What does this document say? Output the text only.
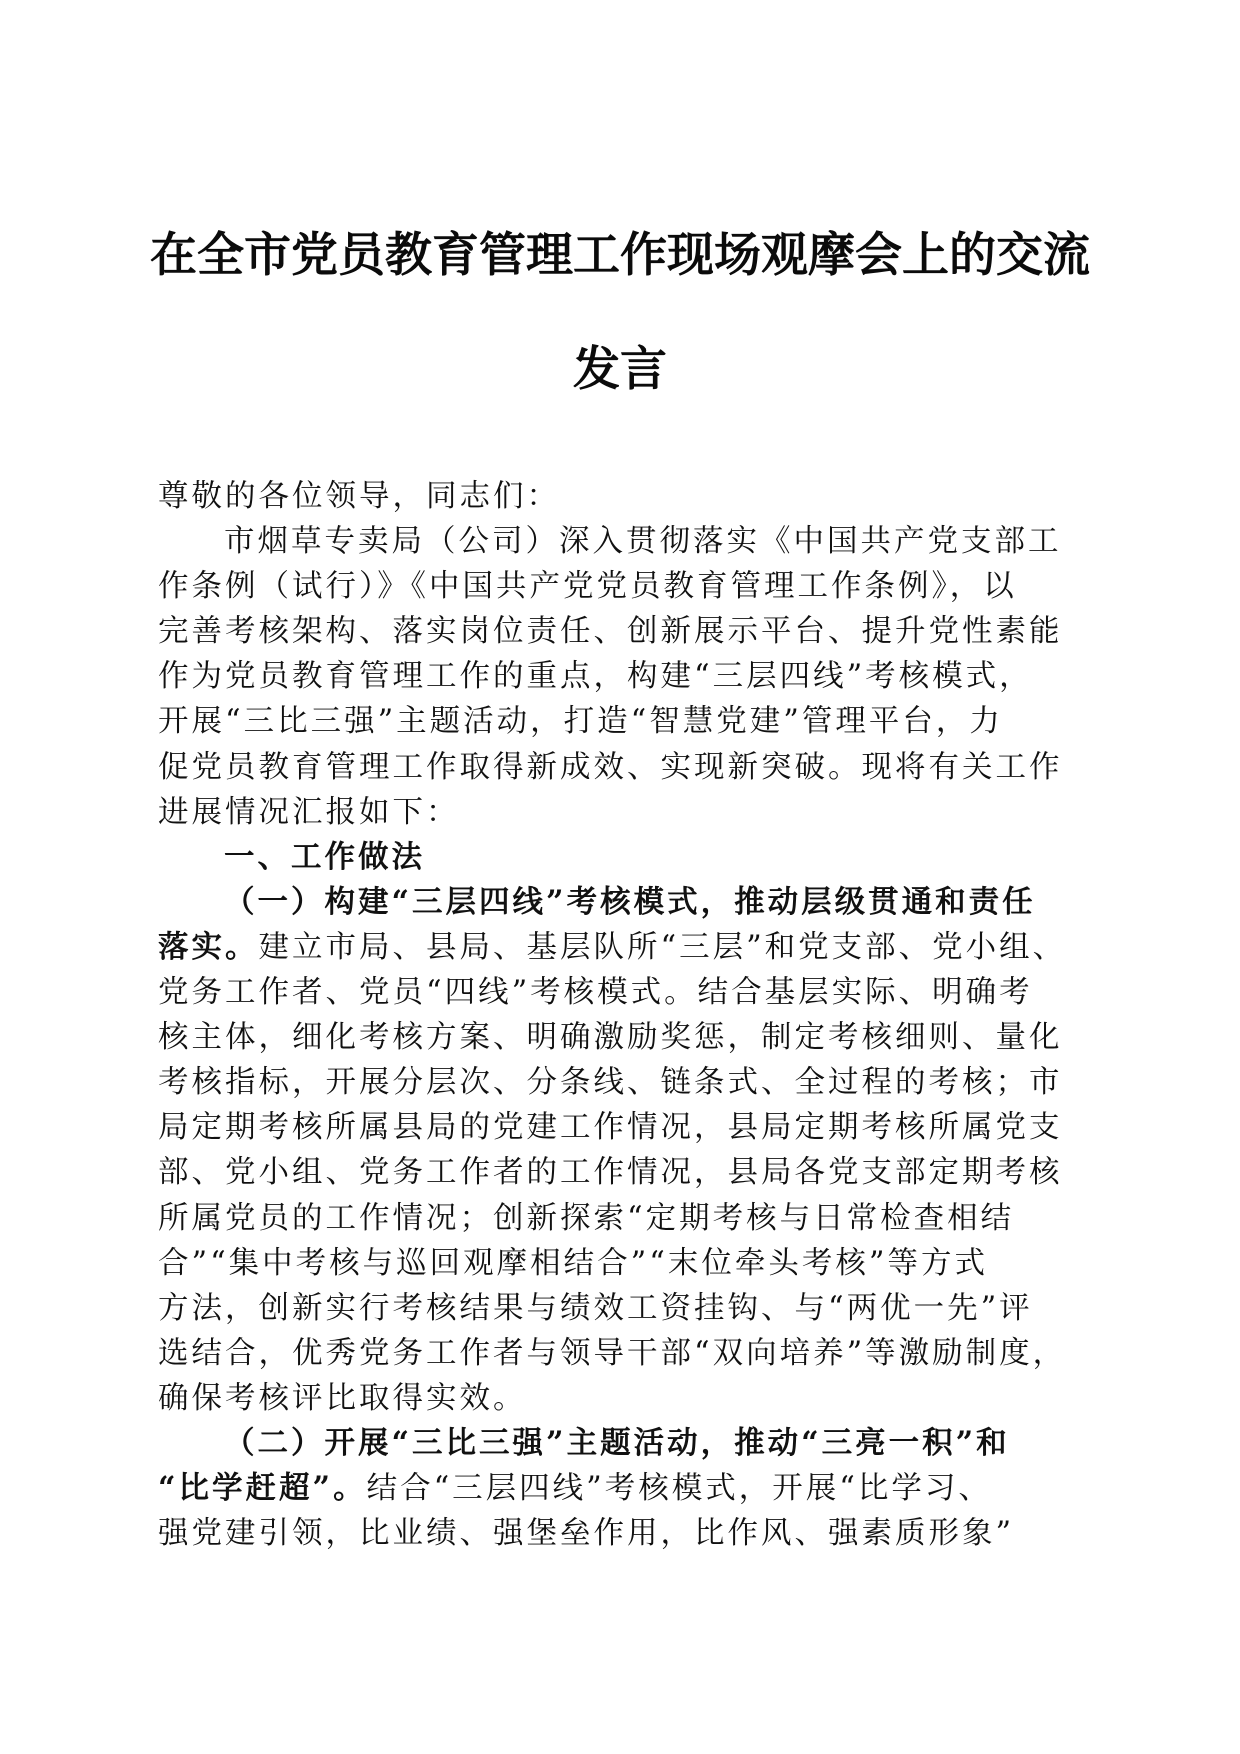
在全市党员教育管理工作现场观摩会上的交流
发言

尊敬的各位领导，同志们：

市烟草专卖局（公司）深入贯彻落实《中国共产党支部工

作条例（试行）》《中国共产党党员教育管理工作条例》，以

完善考核架构、落实岗位责任、创新展示平台、提升党性素能

作为党员教育管理工作的重点，构建“三层四线”考核模式，

开展“三比三强”主题活动，打造“智慧党建”管理平台，力

促党员教育管理工作取得新成效、实现新突破。现将有关工作

进展情况汇报如下：

一、工作做法

（一）构建“三层四线”考核模式，推动层级贯通和责任

落实。建立市局、县局、基层队所“三层”和党支部、党小组、

党务工作者、党员“四线”考核模式。结合基层实际、明确考

核主体，细化考核方案、明确激励奖惩，制定考核细则、量化

考核指标，开展分层次、分条线、链条式、全过程的考核；市

局定期考核所属县局的党建工作情况，县局定期考核所属党支

部、党小组、党务工作者的工作情况，县局各党支部定期考核

所属党员的工作情况；创新探索“定期考核与日常检查相结

合”“集中考核与巡回观摩相结合”“末位牵头考核”等方式

方法，创新实行考核结果与绩效工资挂钩、与“两优一先”评

选结合，优秀党务工作者与领导干部“双向培养”等激励制度，

确保考核评比取得实效。

（二）开展“三比三强”主题活动，推动“三亮一积”和

“比学赶超”。结合“三层四线”考核模式，开展“比学习、

强党建引领，比业绩、强堡垒作用，比作风、强素质形象”
